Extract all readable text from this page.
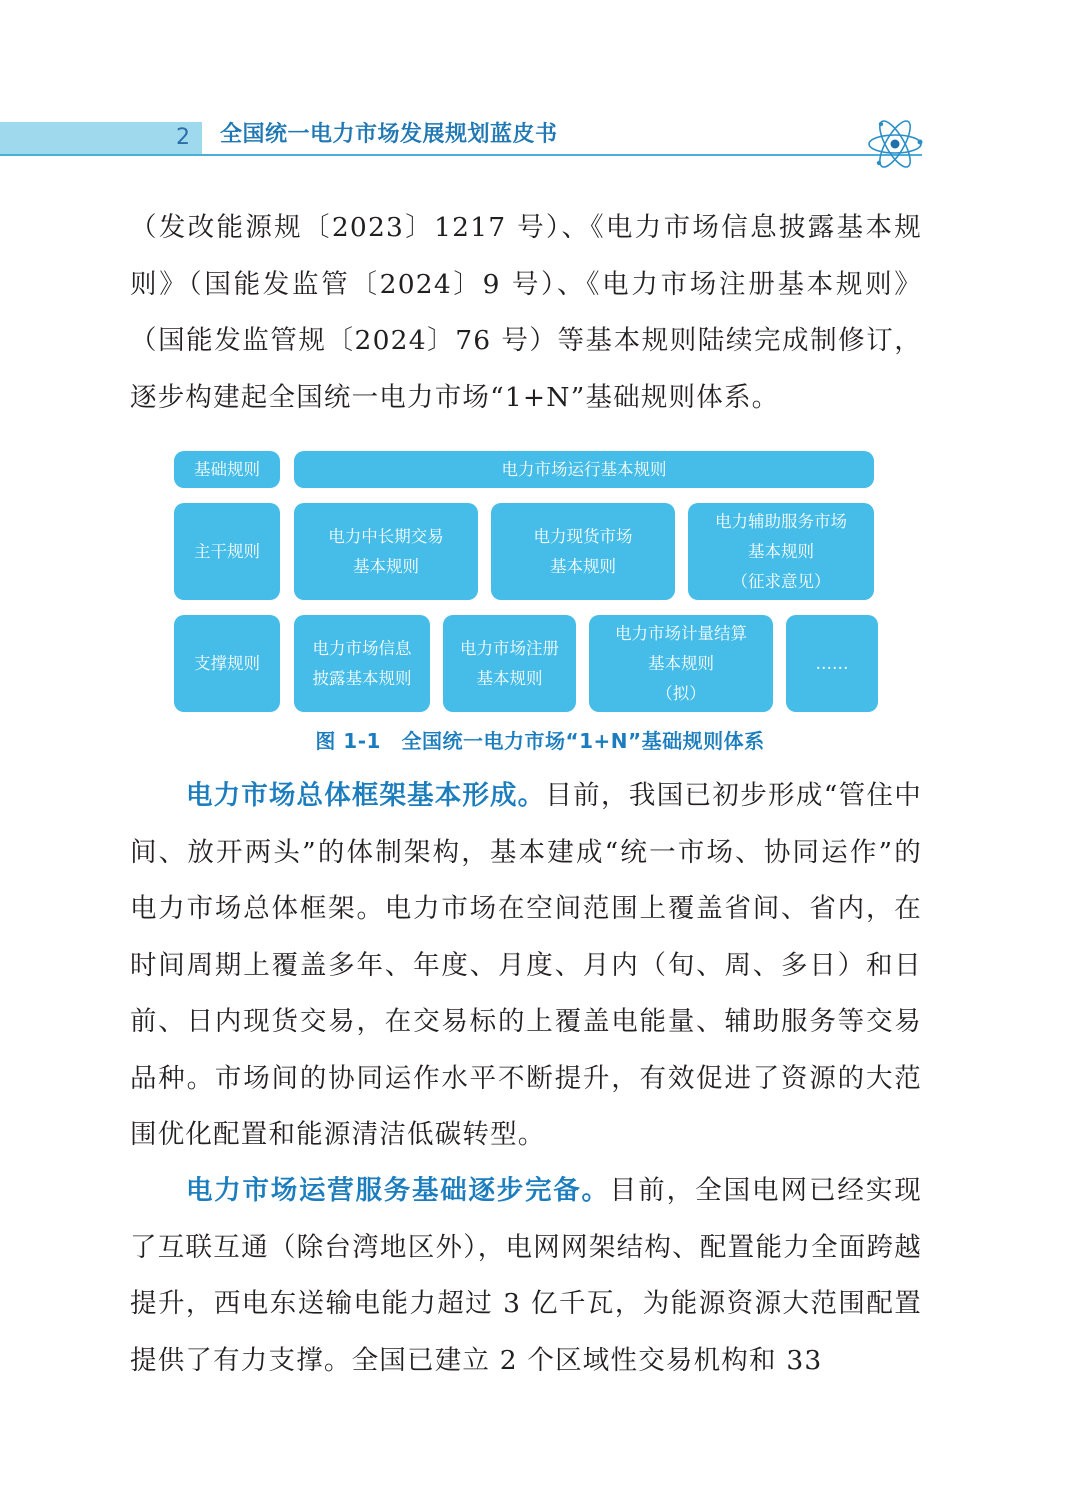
2 全国统一电力市场发展规划蓝皮书

（发改能源规〔2023〕1217 号）、《电力市场信息披露基本规则》（国能发监管〔2024〕9 号）、《电力市场注册基本规则》（国能发监管规〔2024〕76 号）等基本规则陆续完成制修订，逐步构建起全国统一电力市场“1+N”基础规则体系。

基础规则	电力市场运行基本规则
主干规则
电力中长期交易
基本规则
电力现货市场
基本规则
电力辅助服务市场
基本规则
（征求意见）
支撑规则
电力市场信息
披露基本规则
电力市场注册
基本规则
电力市场计量结算
基本规则
（拟）
……
图 1-1　全国统一电力市场“1+N”基础规则体系

电力市场总体框架基本形成。目前，我国已初步形成“管住中间、放开两头”的体制架构，基本建成“统一市场、协同运作”的电力市场总体框架。电力市场在空间范围上覆盖省间、省内，在时间周期上覆盖多年、年度、月度、月内（旬、周、多日）和日前、日内现货交易，在交易标的上覆盖电能量、辅助服务等交易品种。市场间的协同运作水平不断提升，有效促进了资源的大范围优化配置和能源清洁低碳转型。

电力市场运营服务基础逐步完备。目前，全国电网已经实现了互联互通（除台湾地区外），电网网架结构、配置能力全面跨越提升，西电东送输电能力超过 3 亿千瓦，为能源资源大范围配置提供了有力支撑。全国已建立 2 个区域性交易机构和 33
